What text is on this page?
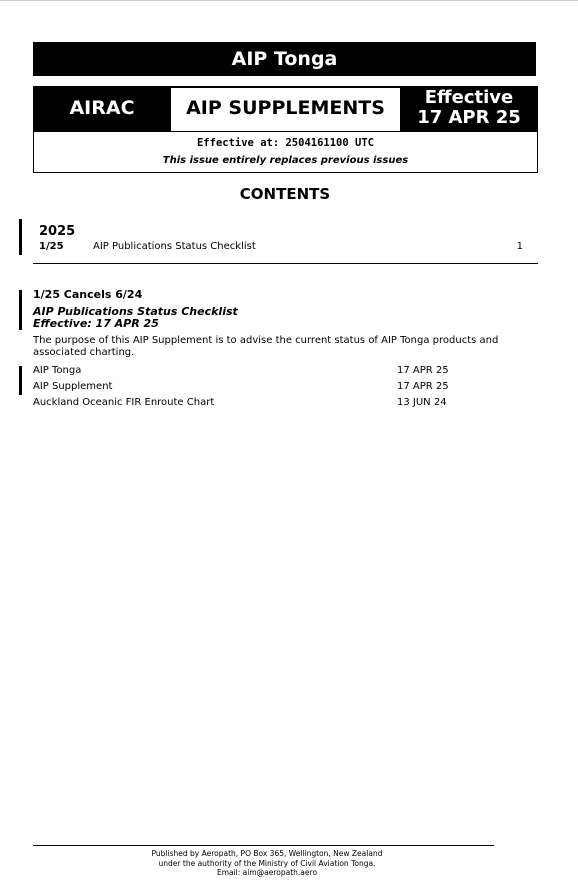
AIP Tonga
AIRAC	AIP SUPPLEMENTS	Effective
17 APR 25
Effective at: 2504161100 UTC
This issue entirely replaces previous issues
CONTENTS
2025
1/25	AIP Publications Status Checklist	1
1/25 Cancels 6/24
AIP Publications Status Checklist
Effective: 17 APR 25
The purpose of this AIP Supplement is to advise the current status of AIP Tonga products and associated charting.
AIP Tonga	17 APR 25
AIP Supplement	17 APR 25
Auckland Oceanic FIR Enroute Chart	13 JUN 24
Published by Aeropath, PO Box 365, Wellington, New Zealand
under the authority of the Ministry of Civil Aviation Tonga.
Email: aim@aeropath.aero
